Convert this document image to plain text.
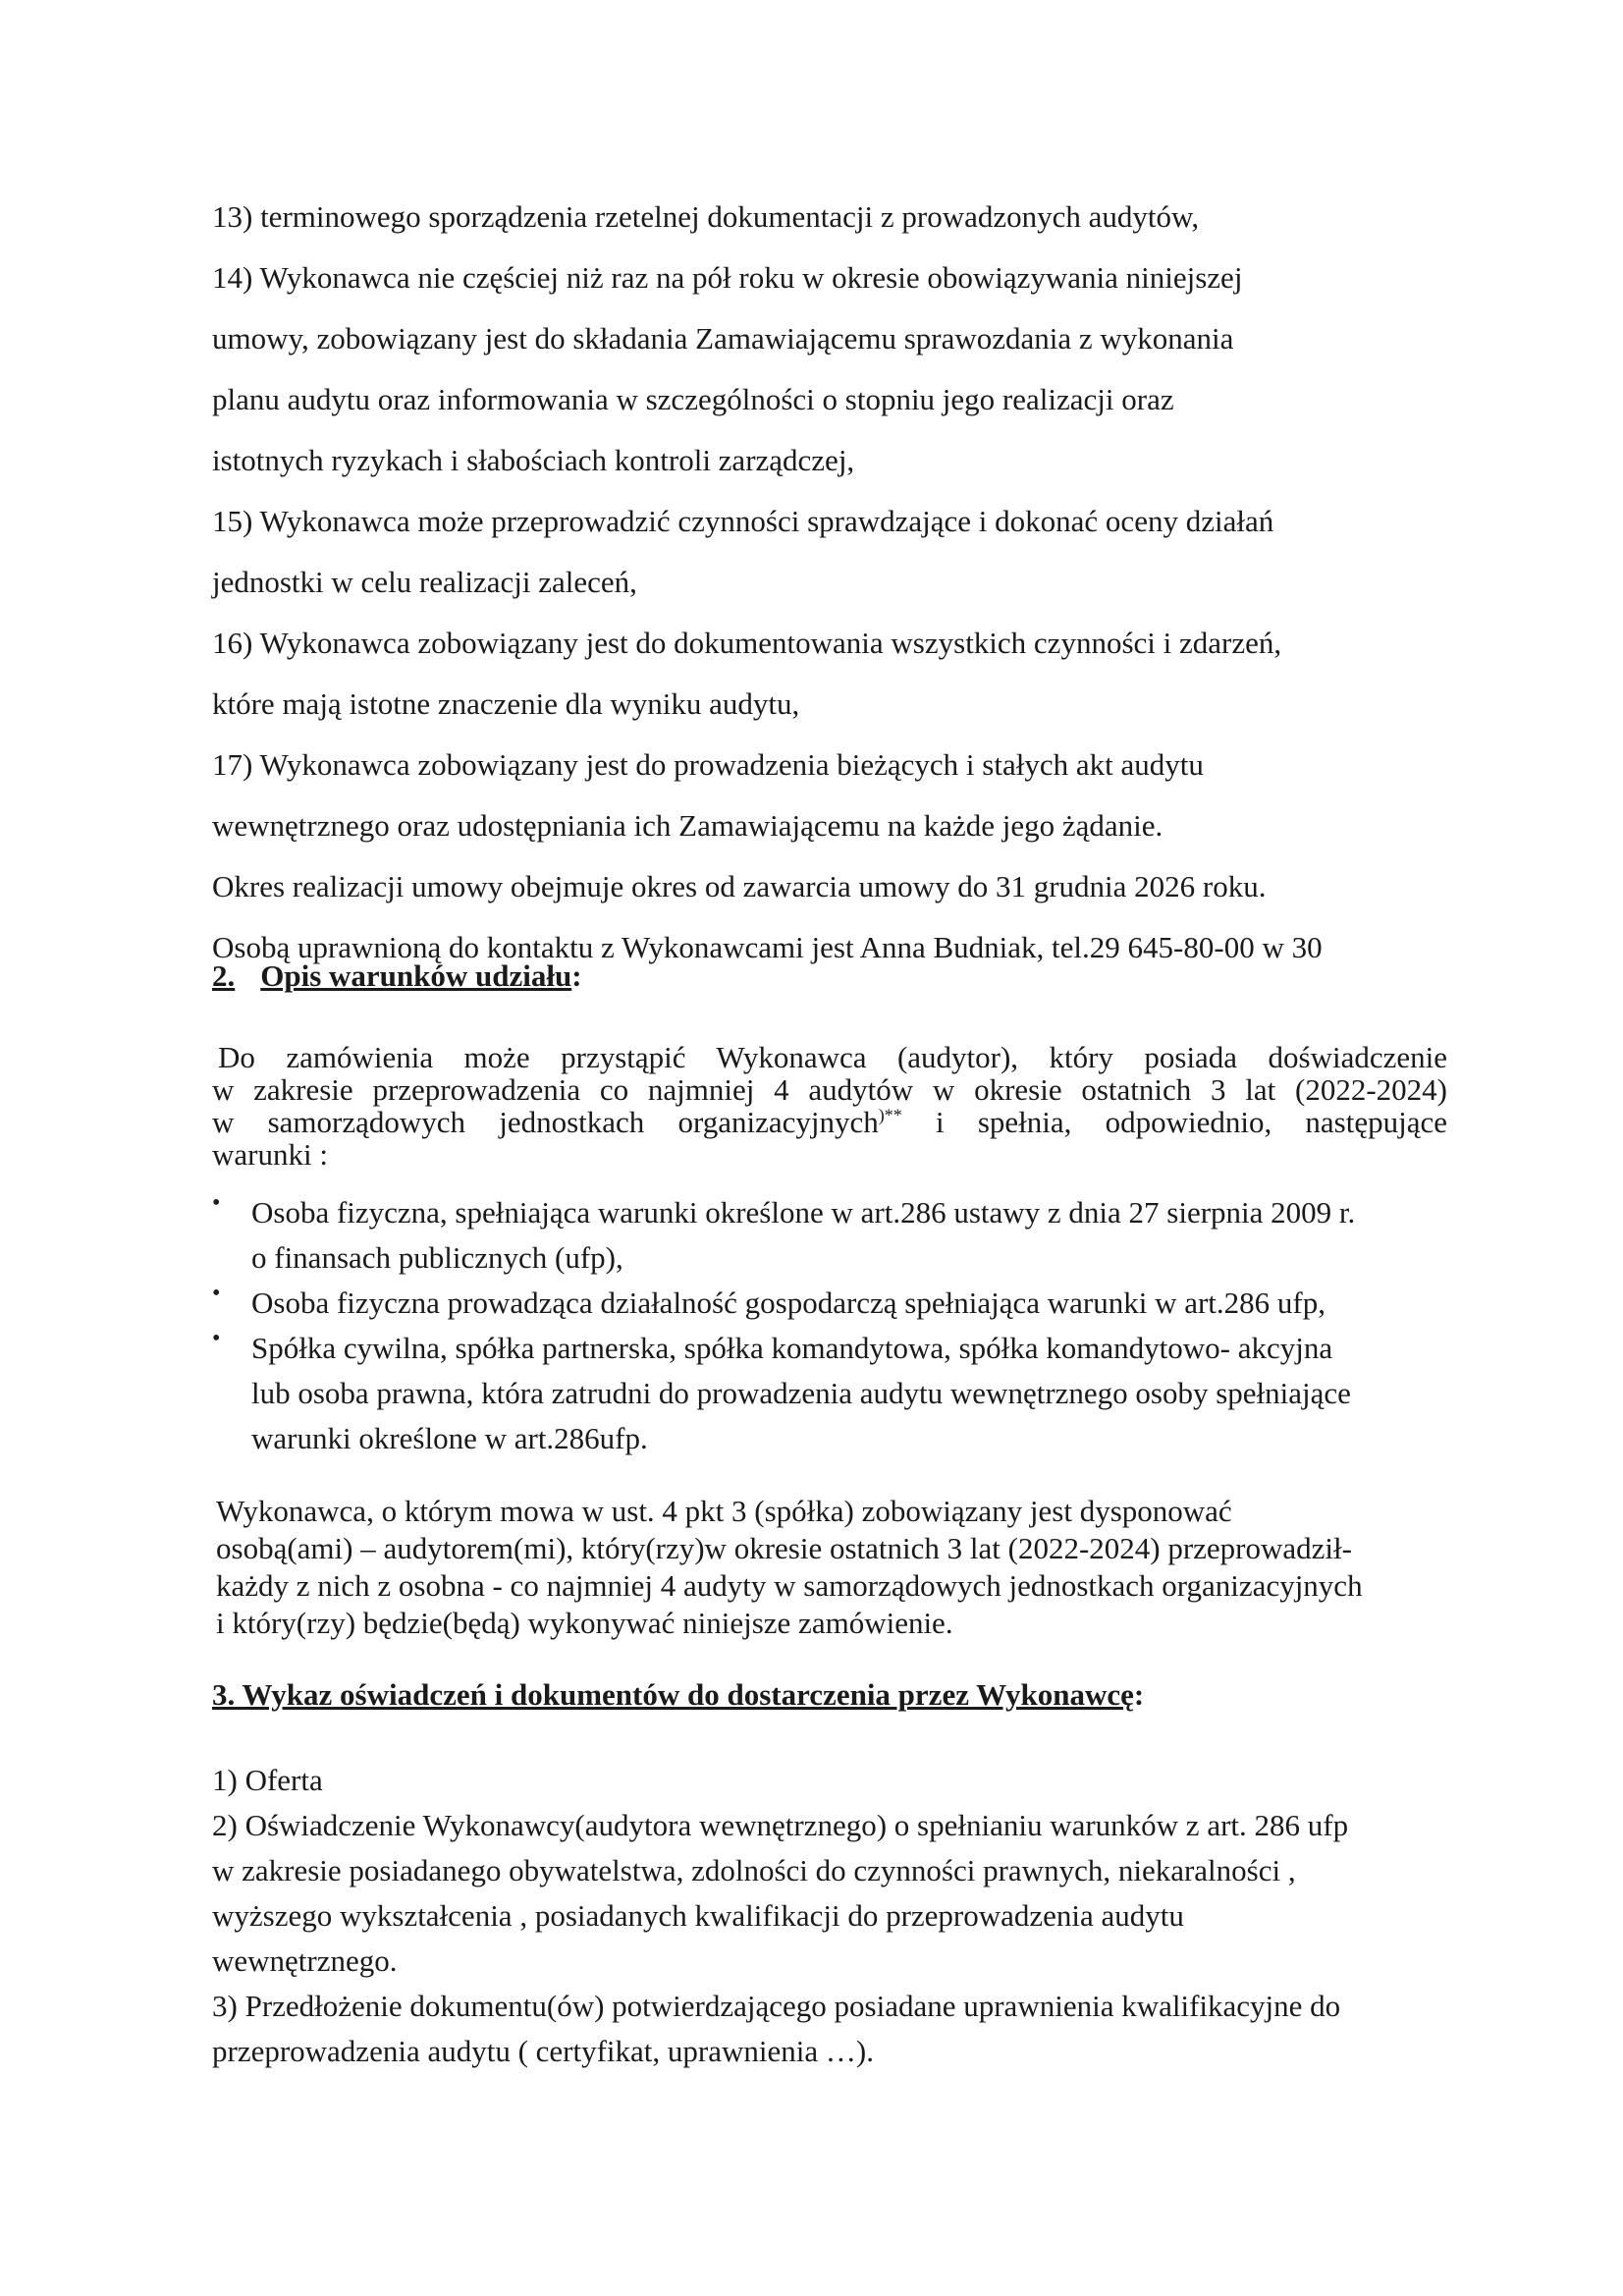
13) terminowego sporządzenia rzetelnej dokumentacji z prowadzonych audytów,

14) Wykonawca nie częściej niż raz na pół roku w okresie obowiązywania niniejszej

umowy, zobowiązany jest do składania Zamawiającemu sprawozdania z wykonania

planu audytu oraz informowania w szczególności o stopniu jego realizacji oraz

istotnych ryzykach i słabościach kontroli zarządczej,

15) Wykonawca może przeprowadzić czynności sprawdzające i dokonać oceny działań

jednostki w celu realizacji zaleceń,

16) Wykonawca zobowiązany jest do dokumentowania wszystkich czynności i zdarzeń,

które mają istotne znaczenie dla wyniku audytu,

17) Wykonawca zobowiązany jest do prowadzenia bieżących i stałych akt audytu

wewnętrznego oraz udostępniania ich Zamawiającemu na każde jego żądanie.

Okres realizacji umowy obejmuje okres od zawarcia umowy do 31 grudnia 2026 roku.

Osobą uprawnioną do kontaktu z Wykonawcami jest Anna Budniak, tel.29 645-80-00 w 30

2. Opis warunków udziału:
Do zamówienia może przystąpić Wykonawca (audytor), który posiada doświadczenie
w zakresie przeprowadzenia co najmniej 4 audytów w okresie ostatnich 3 lat (2022-2024)
w samorządowych jednostkach organizacyjnych)** i spełnia, odpowiednio, następujące
warunki :
• Osoba fizyczna, spełniająca warunki określone w art.286 ustawy z dnia 27 sierpnia 2009 r.
o finansach publicznych (ufp),
• Osoba fizyczna prowadząca działalność gospodarczą spełniająca warunki w art.286 ufp,
• Spółka cywilna, spółka partnerska, spółka komandytowa, spółka komandytowo- akcyjna
lub osoba prawna, która zatrudni do prowadzenia audytu wewnętrznego osoby spełniające
warunki określone w art.286ufp.
Wykonawca, o którym mowa w ust. 4 pkt 3 (spółka) zobowiązany jest dysponować
osobą(ami) – audytorem(mi), który(rzy)w okresie ostatnich 3 lat (2022-2024) przeprowadził-
każdy z nich z osobna - co najmniej 4 audyty w samorządowych jednostkach organizacyjnych
i który(rzy) będzie(będą) wykonywać niniejsze zamówienie.
3. Wykaz oświadczeń i dokumentów do dostarczenia przez Wykonawcę:
1) Oferta
2) Oświadczenie Wykonawcy(audytora wewnętrznego) o spełnianiu warunków z art. 286 ufp
w zakresie posiadanego obywatelstwa, zdolności do czynności prawnych, niekaralności ,
wyższego wykształcenia , posiadanych kwalifikacji do przeprowadzenia audytu
wewnętrznego.
3) Przedłożenie dokumentu(ów) potwierdzającego posiadane uprawnienia kwalifikacyjne do
przeprowadzenia audytu ( certyfikat, uprawnienia …).
